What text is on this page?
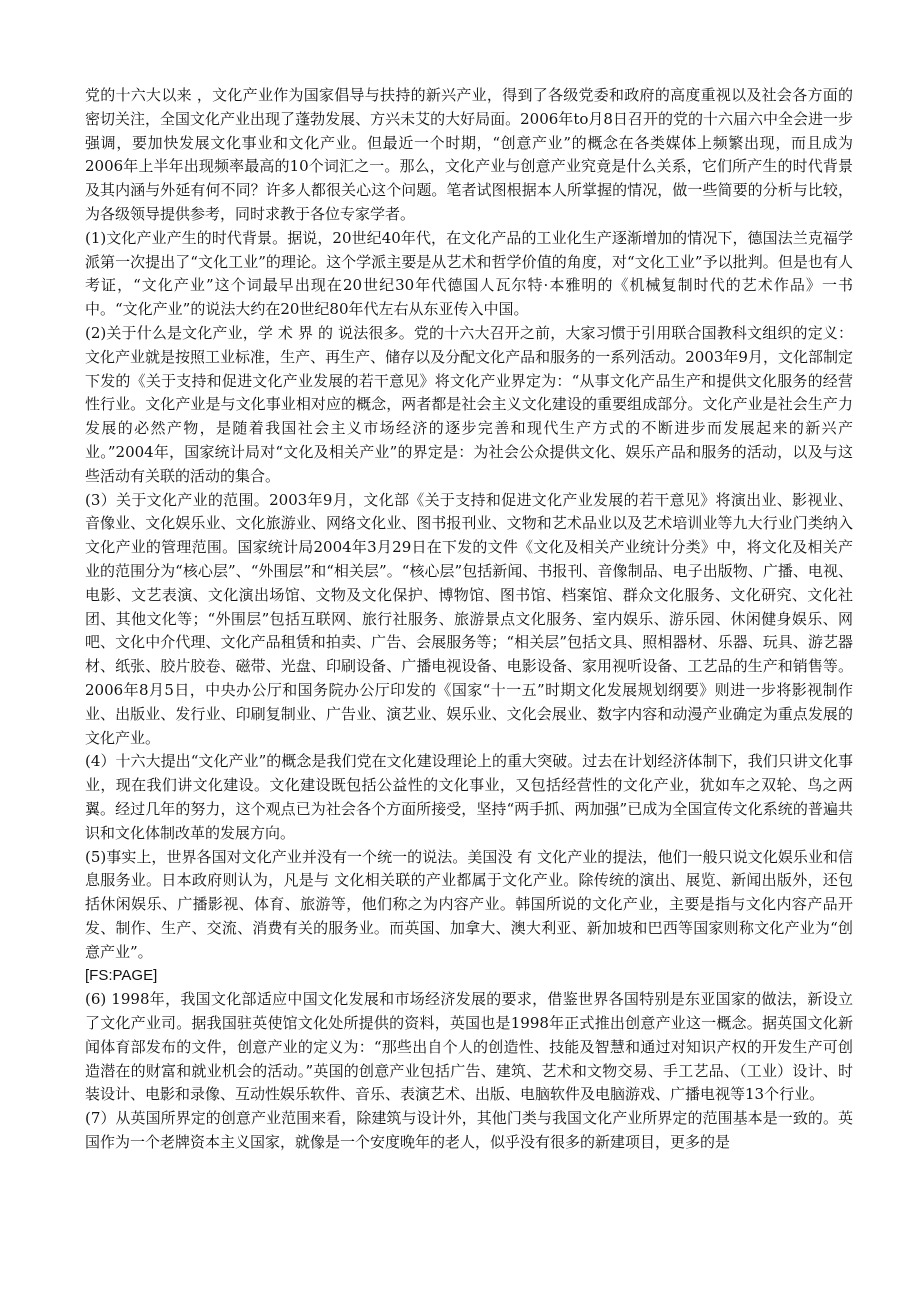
党的十六大以来 ，文化产业作为国家倡导与扶持的新兴产业，得到了各级党委和政府的高度重视以及社会各方面的密切关注，全国文化产业出现了蓬勃发展、方兴未艾的大好局面。2006年to月8日召开的党的十六届六中全会进一步强调，要加快发展文化事业和文化产业。但最近一个时期，“创意产业”的概念在各类媒体上频繁出现，而且成为2006年上半年出现频率最高的10个词汇之一。那么，文化产业与创意产业究竟是什么关系，它们所产生的时代背景及其内涵与外延有何不同？许多人都很关心这个问题。笔者试图根据本人所掌握的情况，做一些简要的分析与比较，为各级领导提供参考，同时求教于各位专家学者。

(1)文化产业产生的时代背景。据说，20世纪40年代，在文化产品的工业化生产逐渐增加的情况下，德国法兰克福学派第一次提出了“文化工业”的理论。这个学派主要是从艺术和哲学价值的角度，对“文化工业”予以批判。但是也有人考证，“文化产业”这个词最早出现在20世纪30年代德国人瓦尔特·本雅明的《机械复制时代的艺术作品》一书中。“文化产业”的说法大约在20世纪80年代左右从东亚传入中国。

(2)关于什么是文化产业，学 术 界 的 说法很多。党的十六大召开之前，大家习惯于引用联合国教科文组织的定义：文化产业就是按照工业标准，生产、再生产、储存以及分配文化产品和服务的一系列活动。2003年9月，文化部制定下发的《关于支持和促进文化产业发展的若干意见》将文化产业界定为：“从事文化产品生产和提供文化服务的经营性行业。文化产业是与文化事业相对应的概念，两者都是社会主义文化建设的重要组成部分。文化产业是社会生产力发展的必然产物，是随着我国社会主义市场经济的逐步完善和现代生产方式的不断进步而发展起来的新兴产业。”2004年，国家统计局对“文化及相关产业”的界定是：为社会公众提供文化、娱乐产品和服务的活动，以及与这些活动有关联的活动的集合。

(3）关于文化产业的范围。2003年9月，文化部《关于支持和促进文化产业发展的若干意见》将演出业、影视业、音像业、文化娱乐业、文化旅游业、网络文化业、图书报刊业、文物和艺术品业以及艺术培训业等九大行业门类纳入文化产业的管理范围。国家统计局2004年3月29日在下发的文件《文化及相关产业统计分类》中，将文化及相关产业的范围分为“核心层”、“外围层”和“相关层”。“核心层”包括新闻、书报刊、音像制品、电子出版物、广播、电视、电影、文艺表演、文化演出场馆、文物及文化保护、博物馆、图书馆、档案馆、群众文化服务、文化研究、文化社团、其他文化等；“外围层”包括互联网、旅行社服务、旅游景点文化服务、室内娱乐、游乐园、休闲健身娱乐、网吧、文化中介代理、文化产品租赁和拍卖、广告、会展服务等；“相关层”包括文具、照相器材、乐器、玩具、游艺器材、纸张、胶片胶卷、磁带、光盘、印刷设备、广播电视设备、电影设备、家用视听设备、工艺品的生产和销售等。2006年8月5日，中央办公厅和国务院办公厅印发的《国家“十一五”时期文化发展规划纲要》则进一步将影视制作业、出版业、发行业、印刷复制业、广告业、演艺业、娱乐业、文化会展业、数字内容和动漫产业确定为重点发展的文化产业。

(4）十六大提出“文化产业”的概念是我们党在文化建设理论上的重大突破。过去在计划经济体制下，我们只讲文化事业，现在我们讲文化建设。文化建设既包括公益性的文化事业，又包括经营性的文化产业，犹如车之双轮、鸟之两翼。经过几年的努力，这个观点已为社会各个方面所接受，坚持“两手抓、两加强”已成为全国宣传文化系统的普遍共识和文化体制改革的发展方向。

(5)事实上，世界各国对文化产业并没有一个统一的说法。美国没 有 文化产业的提法，他们一般只说文化娱乐业和信息服务业。日本政府则认为，凡是与 文化相关联的产业都属于文化产业。除传统的演出、展览、新闻出版外，还包括休闲娱乐、广播影视、体育、旅游等，他们称之为内容产业。韩国所说的文化产业，主要是指与文化内容产品开发、制作、生产、交流、消费有关的服务业。而英国、加拿大、澳大利亚、新加坡和巴西等国家则称文化产业为“创意产业”。

[FS:PAGE]

(6) 1998年，我国文化部适应中国文化发展和市场经济发展的要求，借鉴世界各国特别是东亚国家的做法，新设立了文化产业司。据我国驻英使馆文化处所提供的资料，英国也是1998年正式推出创意产业这一概念。据英国文化新闻体育部发布的文件，创意产业的定义为：“那些出自个人的创造性、技能及智慧和通过对知识产权的开发生产可创造潜在的财富和就业机会的活动。”英国的创意产业包括广告、建筑、艺术和文物交易、手工艺品、（工业）设计、时装设计、电影和录像、互动性娱乐软件、音乐、表演艺术、出版、电脑软件及电脑游戏、广播电视等13个行业。

(7）从英国所界定的创意产业范围来看，除建筑与设计外，其他门类与我国文化产业所界定的范围基本是一致的。英国作为一个老牌资本主义国家，就像是一个安度晚年的老人，似乎没有很多的新建项目，更多的是
